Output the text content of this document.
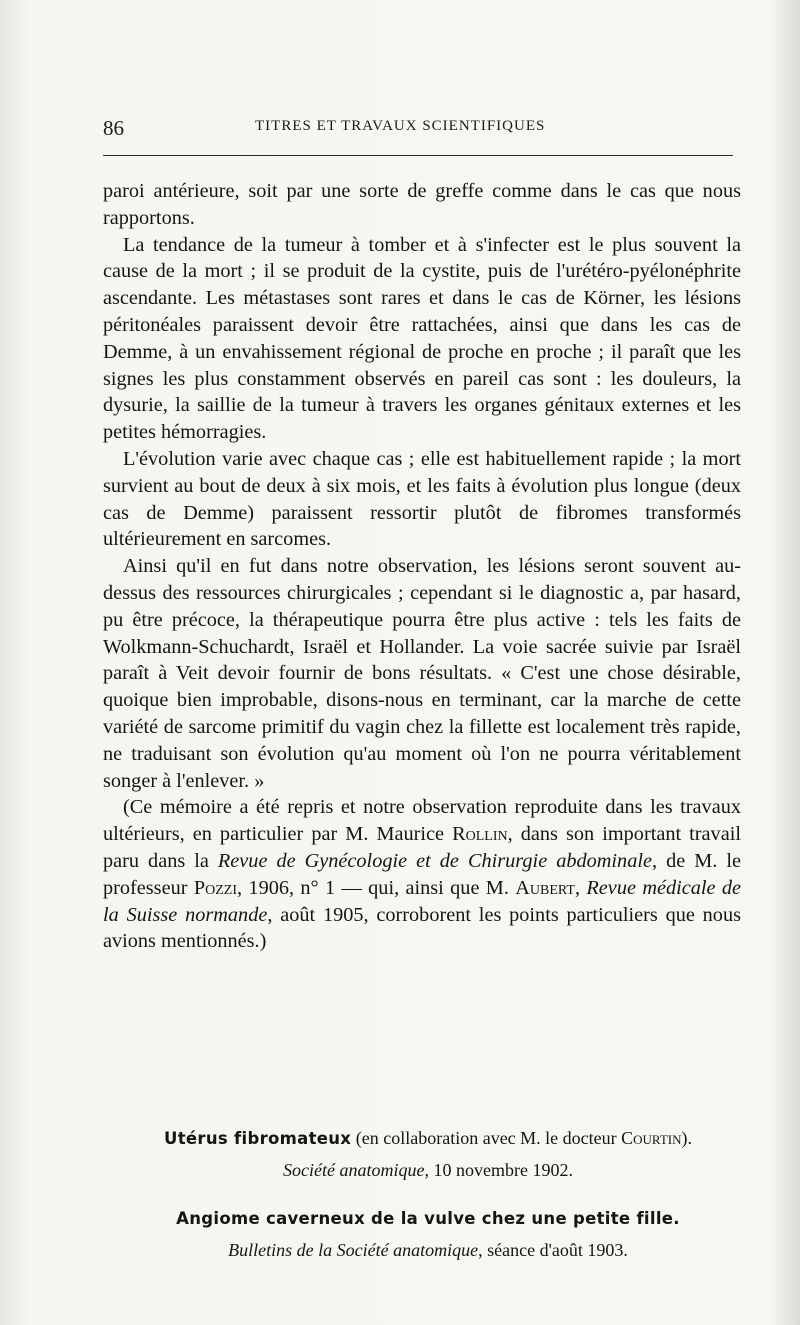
86	TITRES ET TRAVAUX SCIENTIFIQUES

paroi antérieure, soit par une sorte de greffe comme dans le cas que nous rapportons.

La tendance de la tumeur à tomber et à s'infecter est le plus souvent la cause de la mort ; il se produit de la cystite, puis de l'urétéro-pyélonéphrite ascendante. Les métastases sont rares et dans le cas de Körner, les lésions péritonéales paraissent devoir être rattachées, ainsi que dans les cas de Demme, à un envahissement régional de proche en proche ; il paraît que les signes les plus constamment observés en pareil cas sont : les douleurs, la dysurie, la saillie de la tumeur à travers les organes génitaux externes et les petites hémorragies.

L'évolution varie avec chaque cas ; elle est habituellement rapide ; la mort survient au bout de deux à six mois, et les faits à évolution plus longue (deux cas de Demme) paraissent ressortir plutôt de fibromes transformés ultérieurement en sarcomes.

Ainsi qu'il en fut dans notre observation, les lésions seront souvent au-dessus des ressources chirurgicales ; cependant si le diagnostic a, par hasard, pu être précoce, la thérapeutique pourra être plus active : tels les faits de Wolkmann-Schuchardt, Israël et Hollander. La voie sacrée suivie par Israël paraît à Veit devoir fournir de bons résultats. « C'est une chose désirable, quoique bien improbable, disons-nous en terminant, car la marche de cette variété de sarcome primitif du vagin chez la fillette est localement très rapide, ne traduisant son évolution qu'au moment où l'on ne pourra véritablement songer à l'enlever. »

(Ce mémoire a été repris et notre observation reproduite dans les travaux ultérieurs, en particulier par M. Maurice Rollin, dans son important travail paru dans la Revue de Gynécologie et de Chirurgie abdominale, de M. le professeur Pozzi, 1906, n° 1 — qui, ainsi que M. Aubert, Revue médicale de la Suisse normande, août 1905, corroborent les points particuliers que nous avions mentionnés.)

Utérus fibromateux (en collaboration avec M. le docteur Courtin).
Société anatomique, 10 novembre 1902.
Angiome caverneux de la vulve chez une petite fille.
Bulletins de la Société anatomique, séance d'août 1903.
